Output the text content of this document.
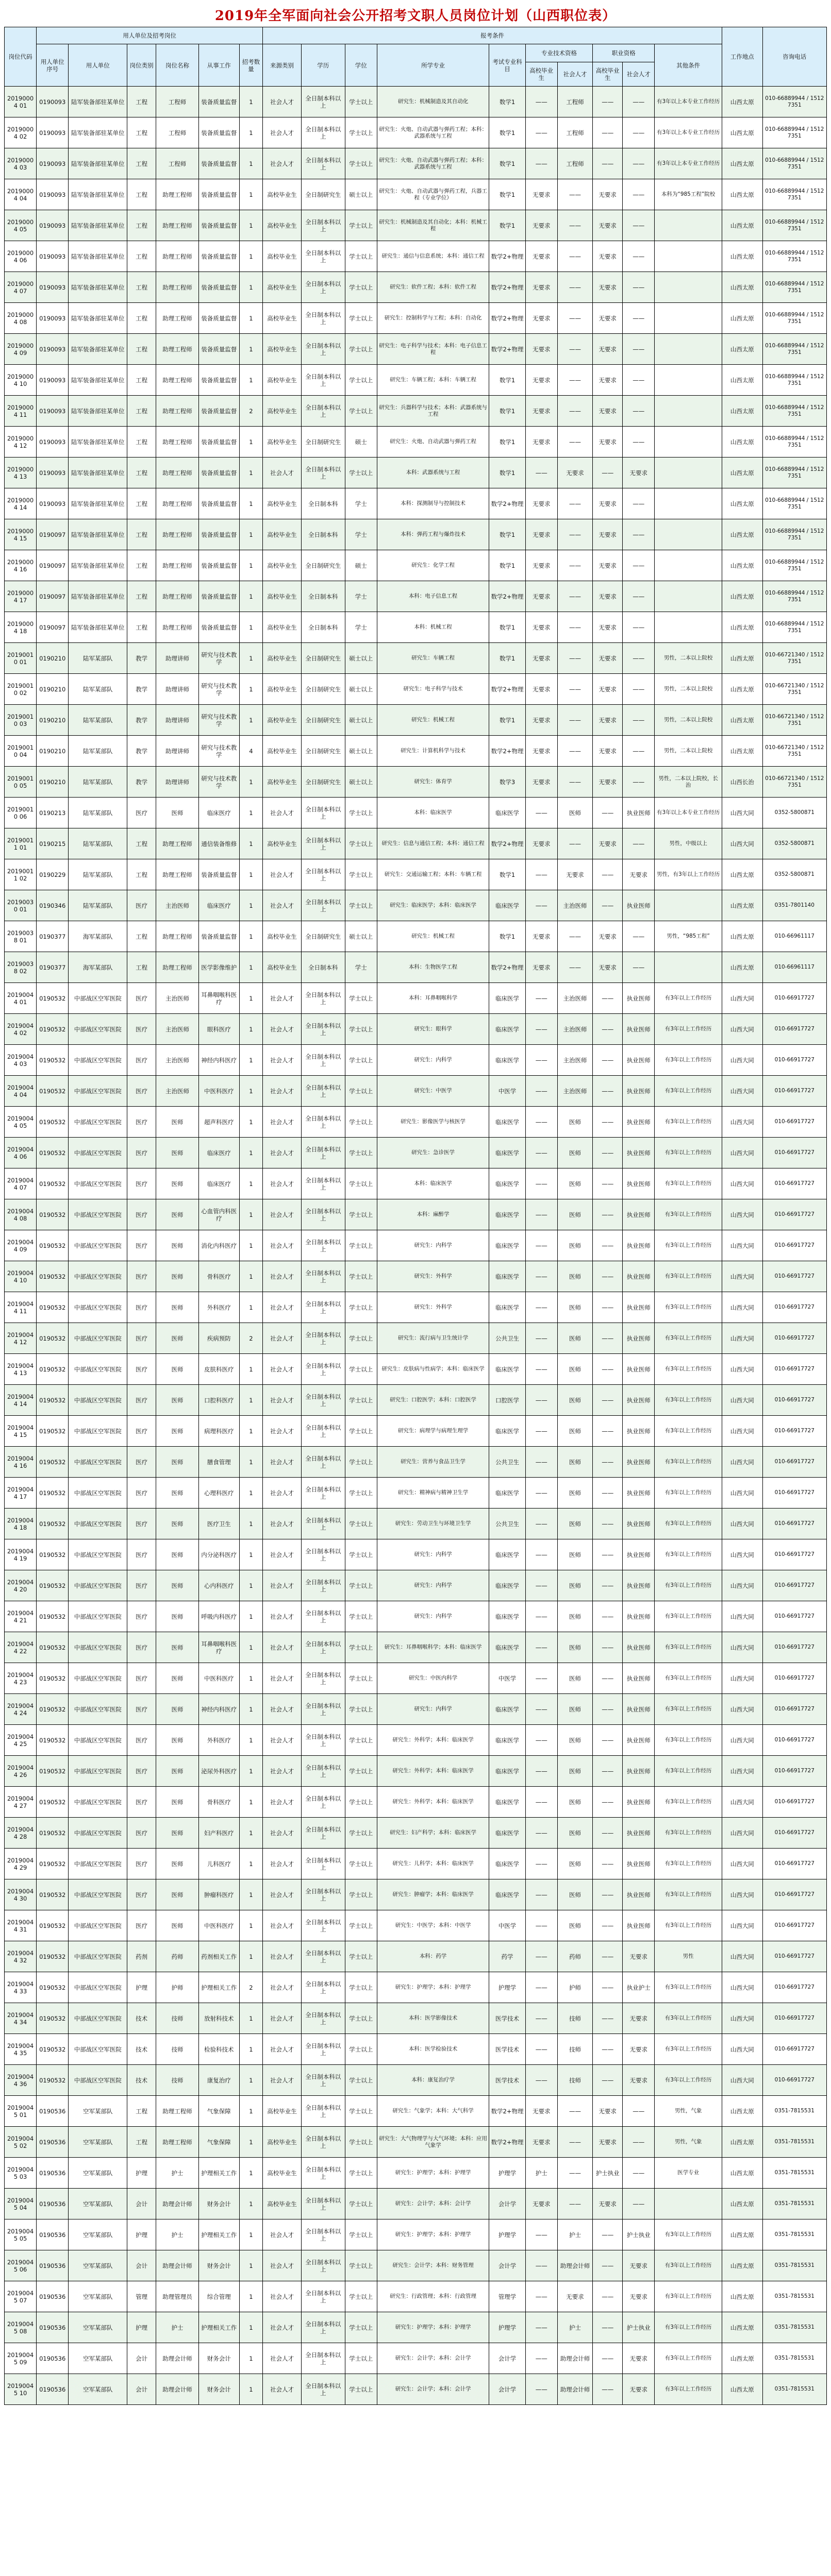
2019年全军面向社会公开招考文职人员岗位计划（山西职位表）
岗位代码	用人单位及招考岗位						报考条件										工作地点	咨询电话
	用人单位序号	用人单位	岗位类别	岗位名称	从事工作	招考数量	来源类别	学历	学位	所学专业	考试专业科目	专业技术资格		职业资格		其他条件		
												高校毕业生	社会人才	高校毕业生	社会人才			
20190004 01	0190093	陆军装备部驻某单位	工程	工程师	装备质量监督	1	社会人才	全日制本科以上	学士以上	研究生：机械制造及其自动化	数学1	——	工程师	——	——	有3年以上本专业工作经历	山西太原	010-66889944 / 15127351
20190004 02	0190093	陆军装备部驻某单位	工程	工程师	装备质量监督	1	社会人才	全日制本科以上	学士以上	研究生：火炮、自动武器与弹药工程；本科：武器系统与工程	数学1	——	工程师	——	——	有3年以上本专业工作经历	山西太原	010-66889944 / 15127351
20190004 03	0190093	陆军装备部驻某单位	工程	工程师	装备质量监督	1	社会人才	全日制本科以上	学士以上	研究生：火炮、自动武器与弹药工程；本科：武器系统与工程	数学1	——	工程师	——	——	有3年以上本专业工作经历	山西太原	010-66889944 / 15127351
20190004 04	0190093	陆军装备部驻某单位	工程	助理工程师	装备质量监督	1	高校毕业生	全日制研究生	硕士以上	研究生：火炮、自动武器与弹药工程，兵器工程（专业学位）	数学1	无要求	——	无要求	——	本科为“985工程”院校	山西太原	010-66889944 / 15127351
20190004 05	0190093	陆军装备部驻某单位	工程	助理工程师	装备质量监督	1	高校毕业生	全日制本科以上	学士以上	研究生：机械制造及其自动化；本科：机械工程	数学1	无要求	——	无要求	——		山西太原	010-66889944 / 15127351
20190004 06	0190093	陆军装备部驻某单位	工程	助理工程师	装备质量监督	1	高校毕业生	全日制本科以上	学士以上	研究生：通信与信息系统；本科：通信工程	数学2+物理	无要求	——	无要求	——		山西太原	010-66889944 / 15127351
20190004 07	0190093	陆军装备部驻某单位	工程	助理工程师	装备质量监督	1	高校毕业生	全日制本科以上	学士以上	研究生：软件工程；本科：软件工程	数学2+物理	无要求	——	无要求	——		山西太原	010-66889944 / 15127351
20190004 08	0190093	陆军装备部驻某单位	工程	助理工程师	装备质量监督	1	高校毕业生	全日制本科以上	学士以上	研究生：控制科学与工程；本科：自动化	数学2+物理	无要求	——	无要求	——		山西太原	010-66889944 / 15127351
20190004 09	0190093	陆军装备部驻某单位	工程	助理工程师	装备质量监督	1	高校毕业生	全日制本科以上	学士以上	研究生：电子科学与技术；本科：电子信息工程	数学2+物理	无要求	——	无要求	——		山西太原	010-66889944 / 15127351
20190004 10	0190093	陆军装备部驻某单位	工程	助理工程师	装备质量监督	1	高校毕业生	全日制本科以上	学士以上	研究生：车辆工程；本科：车辆工程	数学1	无要求	——	无要求	——		山西太原	010-66889944 / 15127351
20190004 11	0190093	陆军装备部驻某单位	工程	助理工程师	装备质量监督	2	高校毕业生	全日制本科以上	学士以上	研究生：兵器科学与技术；本科：武器系统与工程	数学1	无要求	——	无要求	——		山西太原	010-66889944 / 15127351
20190004 12	0190093	陆军装备部驻某单位	工程	助理工程师	装备质量监督	1	高校毕业生	全日制研究生	硕士	研究生：火炮、自动武器与弹药工程	数学1	无要求	——	无要求	——		山西太原	010-66889944 / 15127351
20190004 13	0190093	陆军装备部驻某单位	工程	助理工程师	装备质量监督	1	社会人才	全日制本科以上	学士以上	本科：武器系统与工程	数学1	——	无要求	——	无要求		山西太原	010-66889944 / 15127351
20190004 14	0190093	陆军装备部驻某单位	工程	助理工程师	装备质量监督	1	高校毕业生	全日制本科	学士	本科：探测制导与控制技术	数学2+物理	无要求	——	无要求	——		山西太原	010-66889944 / 15127351
20190004 15	0190097	陆军装备部驻某单位	工程	助理工程师	装备质量监督	1	高校毕业生	全日制本科	学士	本科：弹药工程与爆炸技术	数学1	无要求	——	无要求	——		山西太原	010-66889944 / 15127351
20190004 16	0190097	陆军装备部驻某单位	工程	助理工程师	装备质量监督	1	高校毕业生	全日制研究生	硕士	研究生：化学工程	数学1	无要求	——	无要求	——		山西太原	010-66889944 / 15127351
20190004 17	0190097	陆军装备部驻某单位	工程	助理工程师	装备质量监督	1	高校毕业生	全日制本科	学士	本科：电子信息工程	数学2+物理	无要求	——	无要求	——		山西太原	010-66889944 / 15127351
20190004 18	0190097	陆军装备部驻某单位	工程	助理工程师	装备质量监督	1	高校毕业生	全日制本科	学士	本科：机械工程	数学1	无要求	——	无要求	——		山西太原	010-66889944 / 15127351
20190010 01	0190210	陆军某部队	教学	助理讲师	研究与技术教学	1	高校毕业生	全日制研究生	硕士以上	研究生：车辆工程	数学1	无要求	——	无要求	——	男性，二本以上院校	山西太原	010-66721340 / 15127351
20190010 02	0190210	陆军某部队	教学	助理讲师	研究与技术教学	1	高校毕业生	全日制研究生	硕士以上	研究生：电子科学与技术	数学2+物理	无要求	——	无要求	——	男性，二本以上院校	山西太原	010-66721340 / 15127351
20190010 03	0190210	陆军某部队	教学	助理讲师	研究与技术教学	1	高校毕业生	全日制研究生	硕士以上	研究生：机械工程	数学1	无要求	——	无要求	——	男性，二本以上院校	山西太原	010-66721340 / 15127351
20190010 04	0190210	陆军某部队	教学	助理讲师	研究与技术教学	4	高校毕业生	全日制研究生	硕士以上	研究生：计算机科学与技术	数学2+物理	无要求	——	无要求	——	男性，二本以上院校	山西太原	010-66721340 / 15127351
20190010 05	0190210	陆军某部队	教学	助理讲师	研究与技术教学	1	高校毕业生	全日制研究生	硕士以上	研究生：体育学	数学3	无要求	——	无要求	——	男性，二本以上院校，长治	山西长治	010-66721340 / 15127351
20190010 06	0190213	陆军某部队	医疗	医师	临床医疗	1	社会人才	全日制本科以上	学士以上	本科：临床医学	临床医学	——	医师	——	执业医师	有3年以上本专业工作经历	山西大同	0352-5800871
20190011 01	0190215	陆军某部队	工程	助理工程师	通信装备维修	1	高校毕业生	全日制本科以上	学士以上	研究生：信息与通信工程；本科：通信工程	数学2+物理	无要求	——	无要求	——	男性，中级以上	山西大同	0352-5800871
20190011 02	0190229	陆军某部队	工程	助理工程师	装备质量监督	1	社会人才	全日制本科以上	学士以上	研究生：交通运输工程；本科：车辆工程	数学1	——	无要求	——	无要求	男性，有3年以上工作经历	山西太原	0352-5800871
20190030 01	0190346	陆军某部队	医疗	主治医师	临床医疗	1	社会人才	全日制本科以上	学士以上	研究生：临床医学；本科：临床医学	临床医学	——	主治医师	——	执业医师		山西太原	0351-7801140
20190038 01	0190377	海军某部队	工程	助理工程师	装备质量监督	1	高校毕业生	全日制研究生	硕士以上	研究生：机械工程	数学1	无要求	——	无要求	——	男性，“985工程”	山西太原	010-66961117
20190038 02	0190377	海军某部队	工程	助理工程师	医学影像维护	1	高校毕业生	全日制本科	学士	本科：生物医学工程	数学2+物理	无要求	——	无要求	——		山西太原	010-66961117
20190044 01	0190532	中部战区空军医院	医疗	主治医师	耳鼻咽喉科医疗	1	社会人才	全日制本科以上	学士以上	本科：耳鼻咽喉科学	临床医学	——	主治医师	——	执业医师	有3年以上工作经历	山西大同	010-66917727
20190044 02	0190532	中部战区空军医院	医疗	主治医师	眼科医疗	1	社会人才	全日制本科以上	学士以上	研究生：眼科学	临床医学	——	主治医师	——	执业医师	有3年以上工作经历	山西大同	010-66917727
20190044 03	0190532	中部战区空军医院	医疗	主治医师	神经内科医疗	1	社会人才	全日制本科以上	学士以上	研究生：内科学	临床医学	——	主治医师	——	执业医师	有3年以上工作经历	山西大同	010-66917727
20190044 04	0190532	中部战区空军医院	医疗	主治医师	中医科医疗	1	社会人才	全日制本科以上	学士以上	研究生：中医学	中医学	——	主治医师	——	执业医师	有3年以上工作经历	山西大同	010-66917727
20190044 05	0190532	中部战区空军医院	医疗	医师	超声科医疗	1	社会人才	全日制本科以上	学士以上	研究生：影像医学与核医学	临床医学	——	医师	——	执业医师	有3年以上工作经历	山西大同	010-66917727
20190044 06	0190532	中部战区空军医院	医疗	医师	临床医疗	1	社会人才	全日制本科以上	学士以上	研究生：急诊医学	临床医学	——	医师	——	执业医师	有3年以上工作经历	山西大同	010-66917727
20190044 07	0190532	中部战区空军医院	医疗	医师	临床医疗	1	社会人才	全日制本科以上	学士以上	本科：临床医学	临床医学	——	医师	——	执业医师	有3年以上工作经历	山西大同	010-66917727
20190044 08	0190532	中部战区空军医院	医疗	医师	心血管内科医疗	1	社会人才	全日制本科以上	学士以上	本科：麻醉学	临床医学	——	医师	——	执业医师	有3年以上工作经历	山西大同	010-66917727
20190044 09	0190532	中部战区空军医院	医疗	医师	消化内科医疗	1	社会人才	全日制本科以上	学士以上	研究生：内科学	临床医学	——	医师	——	执业医师	有3年以上工作经历	山西大同	010-66917727
20190044 10	0190532	中部战区空军医院	医疗	医师	骨科医疗	1	社会人才	全日制本科以上	学士以上	研究生：外科学	临床医学	——	医师	——	执业医师	有3年以上工作经历	山西大同	010-66917727
20190044 11	0190532	中部战区空军医院	医疗	医师	外科医疗	1	社会人才	全日制本科以上	学士以上	研究生：外科学	临床医学	——	医师	——	执业医师	有3年以上工作经历	山西大同	010-66917727
20190044 12	0190532	中部战区空军医院	医疗	医师	疾病预防	2	社会人才	全日制本科以上	学士以上	研究生：流行病与卫生统计学	公共卫生	——	医师	——	执业医师	有3年以上工作经历	山西大同	010-66917727
20190044 13	0190532	中部战区空军医院	医疗	医师	皮肤科医疗	1	社会人才	全日制本科以上	学士以上	研究生：皮肤病与性病学；本科：临床医学	临床医学	——	医师	——	执业医师	有3年以上工作经历	山西大同	010-66917727
20190044 14	0190532	中部战区空军医院	医疗	医师	口腔科医疗	1	社会人才	全日制本科以上	学士以上	研究生：口腔医学；本科：口腔医学	口腔医学	——	医师	——	执业医师	有3年以上工作经历	山西大同	010-66917727
20190044 15	0190532	中部战区空军医院	医疗	医师	病理科医疗	1	社会人才	全日制本科以上	学士以上	研究生：病理学与病理生理学	临床医学	——	医师	——	执业医师	有3年以上工作经历	山西大同	010-66917727
20190044 16	0190532	中部战区空军医院	医疗	医师	膳食管理	1	社会人才	全日制本科以上	学士以上	研究生：营养与食品卫生学	公共卫生	——	医师	——	执业医师	有3年以上工作经历	山西大同	010-66917727
20190044 17	0190532	中部战区空军医院	医疗	医师	心理科医疗	1	社会人才	全日制本科以上	学士以上	研究生：精神病与精神卫生学	临床医学	——	医师	——	执业医师	有3年以上工作经历	山西大同	010-66917727
20190044 18	0190532	中部战区空军医院	医疗	医师	医疗卫生	1	社会人才	全日制本科以上	学士以上	研究生：劳动卫生与环境卫生学	公共卫生	——	医师	——	执业医师	有3年以上工作经历	山西大同	010-66917727
20190044 19	0190532	中部战区空军医院	医疗	医师	内分泌科医疗	1	社会人才	全日制本科以上	学士以上	研究生：内科学	临床医学	——	医师	——	执业医师	有3年以上工作经历	山西大同	010-66917727
20190044 20	0190532	中部战区空军医院	医疗	医师	心内科医疗	1	社会人才	全日制本科以上	学士以上	研究生：内科学	临床医学	——	医师	——	执业医师	有3年以上工作经历	山西大同	010-66917727
20190044 21	0190532	中部战区空军医院	医疗	医师	呼吸内科医疗	1	社会人才	全日制本科以上	学士以上	研究生：内科学	临床医学	——	医师	——	执业医师	有3年以上工作经历	山西大同	010-66917727
20190044 22	0190532	中部战区空军医院	医疗	医师	耳鼻咽喉科医疗	1	社会人才	全日制本科以上	学士以上	研究生：耳鼻咽喉科学；本科：临床医学	临床医学	——	医师	——	执业医师	有3年以上工作经历	山西大同	010-66917727
20190044 23	0190532	中部战区空军医院	医疗	医师	中医科医疗	1	社会人才	全日制本科以上	学士以上	研究生：中医内科学	中医学	——	医师	——	执业医师	有3年以上工作经历	山西大同	010-66917727
20190044 24	0190532	中部战区空军医院	医疗	医师	神经内科医疗	1	社会人才	全日制本科以上	学士以上	研究生：内科学	临床医学	——	医师	——	执业医师	有3年以上工作经历	山西大同	010-66917727
20190044 25	0190532	中部战区空军医院	医疗	医师	外科医疗	1	社会人才	全日制本科以上	学士以上	研究生：外科学；本科：临床医学	临床医学	——	医师	——	执业医师	有3年以上工作经历	山西大同	010-66917727
20190044 26	0190532	中部战区空军医院	医疗	医师	泌尿外科医疗	1	社会人才	全日制本科以上	学士以上	研究生：外科学；本科：临床医学	临床医学	——	医师	——	执业医师	有3年以上工作经历	山西大同	010-66917727
20190044 27	0190532	中部战区空军医院	医疗	医师	骨科医疗	1	社会人才	全日制本科以上	学士以上	研究生：外科学；本科：临床医学	临床医学	——	医师	——	执业医师	有3年以上工作经历	山西大同	010-66917727
20190044 28	0190532	中部战区空军医院	医疗	医师	妇产科医疗	1	社会人才	全日制本科以上	学士以上	研究生：妇产科学；本科：临床医学	临床医学	——	医师	——	执业医师	有3年以上工作经历	山西大同	010-66917727
20190044 29	0190532	中部战区空军医院	医疗	医师	儿科医疗	1	社会人才	全日制本科以上	学士以上	研究生：儿科学；本科：临床医学	临床医学	——	医师	——	执业医师	有3年以上工作经历	山西大同	010-66917727
20190044 30	0190532	中部战区空军医院	医疗	医师	肿瘤科医疗	1	社会人才	全日制本科以上	学士以上	研究生：肿瘤学；本科：临床医学	临床医学	——	医师	——	执业医师	有3年以上工作经历	山西大同	010-66917727
20190044 31	0190532	中部战区空军医院	医疗	医师	中医科医疗	1	社会人才	全日制本科以上	学士以上	研究生：中医学；本科：中医学	中医学	——	医师	——	执业医师	有3年以上工作经历	山西大同	010-66917727
20190044 32	0190532	中部战区空军医院	药剂	药师	药剂相关工作	1	社会人才	全日制本科以上	学士以上	本科：药学	药学	——	药师	——	无要求	男性	山西大同	010-66917727
20190044 33	0190532	中部战区空军医院	护理	护师	护理相关工作	2	社会人才	全日制本科以上	学士以上	研究生：护理学；本科：护理学	护理学	——	护师	——	执业护士	有3年以上工作经历	山西大同	010-66917727
20190044 34	0190532	中部战区空军医院	技术	技师	放射科技术	1	社会人才	全日制本科以上	学士以上	本科：医学影像技术	医学技术	——	技师	——	无要求	有3年以上工作经历	山西大同	010-66917727
20190044 35	0190532	中部战区空军医院	技术	技师	检验科技术	1	社会人才	全日制本科以上	学士以上	本科：医学检验技术	医学技术	——	技师	——	无要求	有3年以上工作经历	山西大同	010-66917727
20190044 36	0190532	中部战区空军医院	技术	技师	康复治疗	1	社会人才	全日制本科以上	学士以上	本科：康复治疗学	医学技术	——	技师	——	无要求	有3年以上工作经历	山西大同	010-66917727
20190045 01	0190536	空军某部队	工程	助理工程师	气象保障	1	高校毕业生	全日制本科以上	学士以上	研究生：气象学；本科：大气科学	数学2+物理	无要求	——	无要求	——	男性，气象	山西太原	0351-7815531
20190045 02	0190536	空军某部队	工程	助理工程师	气象保障	1	高校毕业生	全日制本科以上	学士以上	研究生：大气物理学与大气环境；本科：应用气象学	数学2+物理	无要求	——	无要求	——	男性，气象	山西太原	0351-7815531
20190045 03	0190536	空军某部队	护理	护士	护理相关工作	1	高校毕业生	全日制本科以上	学士以上	研究生：护理学；本科：护理学	护理学	护士	——	护士执业	——	医学专业	山西太原	0351-7815531
20190045 04	0190536	空军某部队	会计	助理会计师	财务会计	1	高校毕业生	全日制本科以上	学士以上	研究生：会计学；本科：会计学	会计学	无要求	——	无要求	——		山西太原	0351-7815531
20190045 05	0190536	空军某部队	护理	护士	护理相关工作	1	社会人才	全日制本科以上	学士以上	研究生：护理学；本科：护理学	护理学	——	护士	——	护士执业	有3年以上工作经历	山西太原	0351-7815531
20190045 06	0190536	空军某部队	会计	助理会计师	财务会计	1	社会人才	全日制本科以上	学士以上	研究生：会计学；本科：财务管理	会计学	——	助理会计师	——	无要求	有3年以上工作经历	山西太原	0351-7815531
20190045 07	0190536	空军某部队	管理	助理管理员	综合管理	1	社会人才	全日制本科以上	学士以上	研究生：行政管理；本科：行政管理	管理学	——	无要求	——	无要求	有3年以上工作经历	山西太原	0351-7815531
20190045 08	0190536	空军某部队	护理	护士	护理相关工作	1	社会人才	全日制本科以上	学士以上	研究生：护理学；本科：护理学	护理学	——	护士	——	护士执业	有3年以上工作经历	山西太原	0351-7815531
20190045 09	0190536	空军某部队	会计	助理会计师	财务会计	1	社会人才	全日制本科以上	学士以上	研究生：会计学；本科：会计学	会计学	——	助理会计师	——	无要求	有3年以上工作经历	山西太原	0351-7815531
20190045 10	0190536	空军某部队	会计	助理会计师	财务会计	1	社会人才	全日制本科以上	学士以上	研究生：会计学；本科：会计学	会计学	——	助理会计师	——	无要求	有3年以上工作经历	山西太原	0351-7815531
